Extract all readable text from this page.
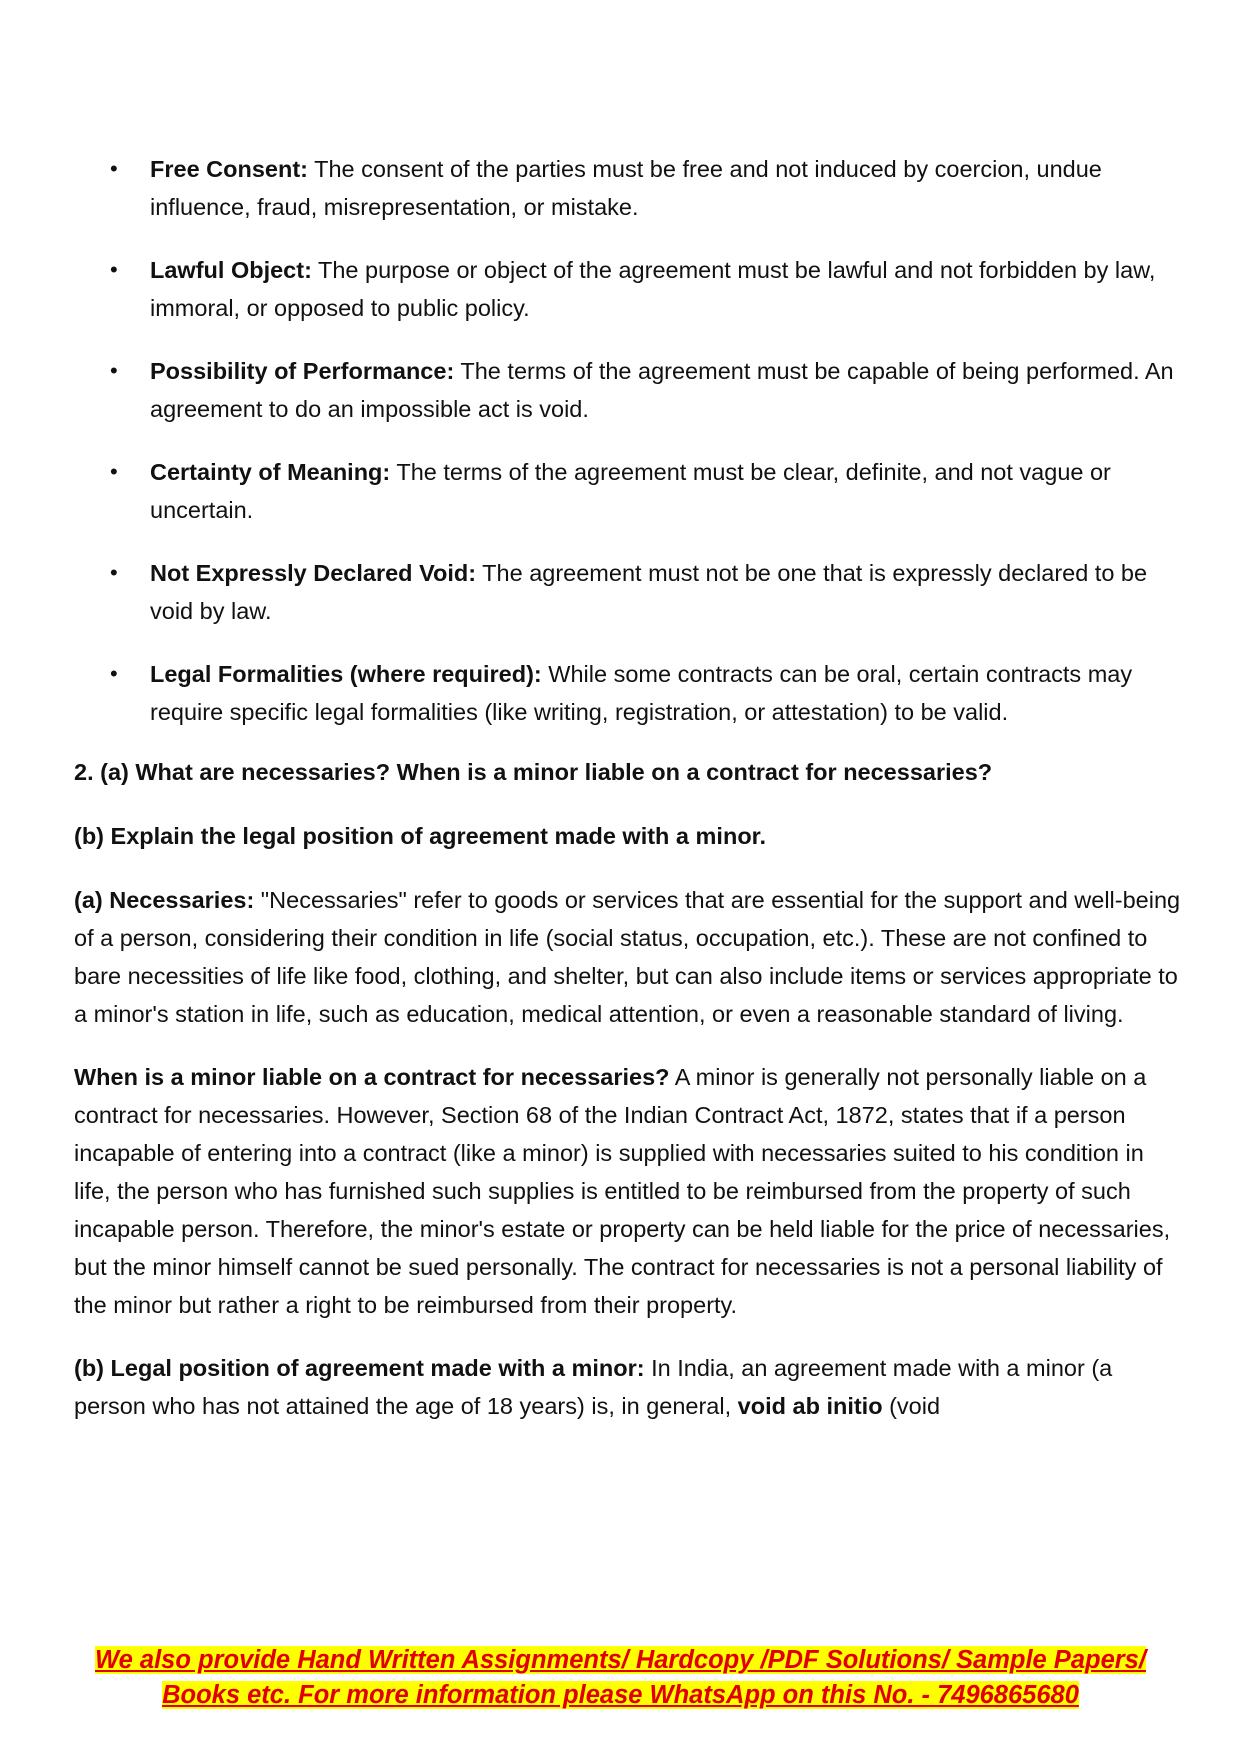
• Free Consent: The consent of the parties must be free and not induced by coercion, undue influence, fraud, misrepresentation, or mistake.
• Lawful Object: The purpose or object of the agreement must be lawful and not forbidden by law, immoral, or opposed to public policy.
• Possibility of Performance: The terms of the agreement must be capable of being performed. An agreement to do an impossible act is void.
• Certainty of Meaning: The terms of the agreement must be clear, definite, and not vague or uncertain.
• Not Expressly Declared Void: The agreement must not be one that is expressly declared to be void by law.
• Legal Formalities (where required): While some contracts can be oral, certain contracts may require specific legal formalities (like writing, registration, or attestation) to be valid.

2. (a) What are necessaries? When is a minor liable on a contract for necessaries?

(b) Explain the legal position of agreement made with a minor.

(a) Necessaries: "Necessaries" refer to goods or services that are essential for the support and well-being of a person, considering their condition in life (social status, occupation, etc.). These are not confined to bare necessities of life like food, clothing, and shelter, but can also include items or services appropriate to a minor's station in life, such as education, medical attention, or even a reasonable standard of living.

When is a minor liable on a contract for necessaries? A minor is generally not personally liable on a contract for necessaries. However, Section 68 of the Indian Contract Act, 1872, states that if a person incapable of entering into a contract (like a minor) is supplied with necessaries suited to his condition in life, the person who has furnished such supplies is entitled to be reimbursed from the property of such incapable person. Therefore, the minor's estate or property can be held liable for the price of necessaries, but the minor himself cannot be sued personally. The contract for necessaries is not a personal liability of the minor but rather a right to be reimbursed from their property.

(b) Legal position of agreement made with a minor: In India, an agreement made with a minor (a person who has not attained the age of 18 years) is, in general, void ab initio (void

We also provide Hand Written Assignments/ Hardcopy /PDF Solutions/ Sample Papers/
Books etc. For more information please WhatsApp on this No. - 7496865680
